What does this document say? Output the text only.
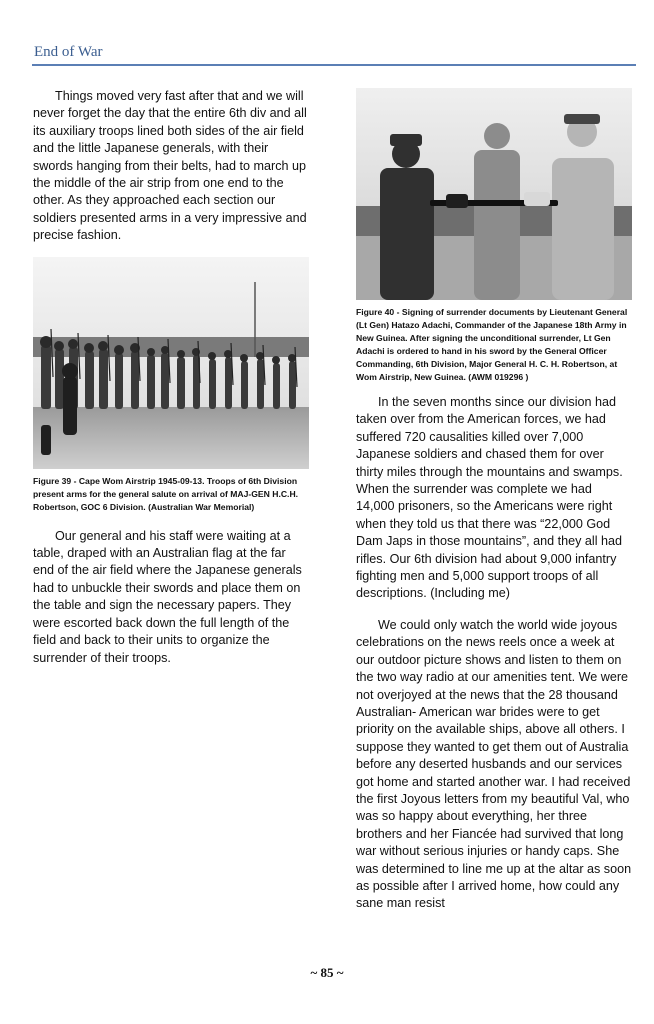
End of War

Things moved very fast after that and we will never forget the day that the entire 6th div and all its auxiliary troops lined both sides of the air field and the little Japanese generals, with their swords hanging from their belts, had to march up the middle of the air strip from one end to the other. As they approached each section our soldiers presented arms in a very impressive and precise fashion.

Figure 39 - Cape Wom Airstrip 1945-09-13. Troops of 6th Division present arms for the general salute on arrival of MAJ-GEN H.C.H. Robertson, GOC 6 Division. (Australian War Memorial)

Our general and his staff were waiting at a table, draped with an Australian flag at the far end of the air field where the Japanese generals had to unbuckle their swords and place them on the table and sign the necessary papers. They were escorted back down the full length of the field and back to their units to organize the surrender of their troops.

Figure 40 - Signing of surrender documents by Lieutenant General (Lt Gen) Hatazo Adachi, Commander of the Japanese 18th Army in New Guinea. After signing the unconditional surrender, Lt Gen Adachi is ordered to hand in his sword by the General Officer Commanding, 6th Division, Major General H. C. H. Robertson, at Wom Airstrip, New Guinea. (AWM 019296 )

In the seven months since our division had taken over from the American forces, we had suffered 720 causalities killed over 7,000 Japanese soldiers and chased them for over thirty miles through the mountains and swamps. When the surrender was complete we had 14,000 prisoners, so the Americans were right when they told us that there was “22,000 God Dam Japs in those mountains”, and they all had rifles. Our 6th division had about 9,000 infantry fighting men and 5,000 support troops of all descriptions. (Including me)

We could only watch the world wide joyous celebrations on the news reels once a week at our outdoor picture shows and listen to them on the two way radio at our amenities tent. We were not overjoyed at the news that the 28 thousand Australian- American war brides were to get priority on the available ships, above all others. I suppose they wanted to get them out of Australia before any deserted husbands and our services got home and started another war. I had received the first Joyous letters from my beautiful Val, who was so happy about everything, her three brothers and her Fiancée had survived that long war without serious injuries or handy caps. She was determined to line me up at the altar as soon as possible after I arrived home, how could any sane man resist

~ 85 ~
